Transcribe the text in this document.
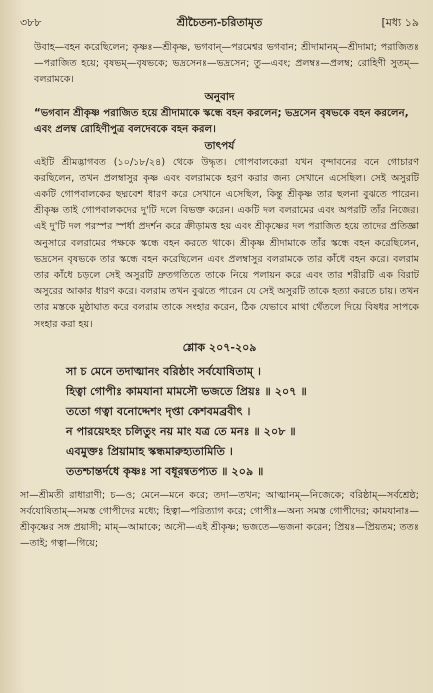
৩৮৮	শ্রীচৈতন্য-চরিতামৃত	[মধ্য ১৯

উবাহ—বহন করেছিলেন; কৃষ্ণঃ—শ্রীকৃষ্ণ, ভগবান্—পরমেশ্বর ভগবান; শ্রীদামানম্—শ্রীদামা; পরাজিতঃ—পরাজিত হয়ে; বৃষভম্—বৃষভকে; ভদ্রসেনঃ—ভদ্রসেন; তু—এবং; প্রলম্বঃ—প্রলম্ব; রোহিণী সুতম্—বলরামকে।

অনুবাদ

“ভগবান শ্রীকৃষ্ণ পরাজিত হয়ে শ্রীদামাকে স্কন্ধে বহন করলেন; ভদ্রসেন বৃষভকে বহন করলেন, এবং প্রলম্ব রোহিণীপুত্র বলদেবকে বহন করল।

তাৎপর্য

এইটি শ্রীমদ্ভাগবত (১০/১৮/২৪) থেকে উদ্ধৃত। গোপবালকেরা যখন বৃন্দাবনের বনে গোচারণ করছিলেন, তখন প্রলম্বাসুর কৃষ্ণ এবং বলরামকে হরণ করার জন্য সেখানে এসেছিল। সেই অসুরটি একটি গোপবালকের ছদ্মবেশ ধারণ করে সেখানে এসেছিল, কিন্তু শ্রীকৃষ্ণ তার ছলনা বুঝতে পারেন। শ্রীকৃষ্ণ তাই গোপবালকদের দু'টি দলে বিভক্ত করেন। একটি দল বলরামের এবং অপরটি তাঁর নিজের। এই দু'টি দল পরস্পর স্পর্ধা প্রদর্শন করে ক্রীড়ামত্ত হয় এবং শ্রীকৃষ্ণের দল পরাজিত হয়ে তাদের প্রতিজ্ঞা অনুসারে বলরামের পক্ষকে স্কন্ধে বহন করতে থাকে। শ্রীকৃষ্ণ শ্রীদামাকে তাঁর স্কন্ধে বহন করেছিলেন, ভদ্রসেন বৃষভকে তার স্কন্ধে বহন করেছিলেন এবং প্রলম্বাসুর বলরামকে তার কাঁধে বহন করে। বলরাম তার কাঁধে চড়লে সেই অসুরটি দ্রুতগতিতে তাকে নিয়ে পলায়ন করে এবং তার শরীরটি এক বিরাট অসুরের আকার ধারণ করে। বলরাম তখন বুঝতে পারেন যে সেই অসুরটি তাকে হত্যা করতে চায়। তখন তার মস্তকে মুষ্ঠাঘাত করে বলরাম তাকে সংহার করেন, ঠিক যেভাবে মাথা থেঁতলে দিয়ে বিষধর সাপকে সংহার করা হয়।

শ্লোক ২০৭-২০৯
সা চ মেনে তদাত্মানং বরিষ্ঠাং সর্বযোষিতাম্ ।
হিত্বা গোপীঃ কামযানা মামসৌ ভজতে প্রিয়ঃ ॥ ২০৭ ॥
ততো গত্বা বনোদ্দেশং দৃপ্তা কেশবমব্রবীৎ ।
ন পারয়েঽহং চলিতুং নয় মাং যত্র তে মনঃ ॥ ২০৮ ॥
এবমুক্তঃ প্রিয়ামাহ স্কন্ধমারুহ্যতামিতি ।
ততশ্চান্তর্দধে কৃষ্ণঃ সা বধূরন্বতপ্যত ॥ ২০৯ ॥

সা—শ্রীমতী রাধারাণী; চ—ও; মেনে—মনে করে; তদা—তখন; আত্মানম্—নিজেকে; বরিষ্ঠাম্—সর্বশ্রেষ্ঠ; সর্বযোষিতাম্—সমস্ত গোপীদের মধ্যে; হিত্বা—পরিত্যাগ করে; গোপীঃ—অন্য সমস্ত গোপীদের; কামযানাঃ—শ্রীকৃষ্ণের সঙ্গ প্রয়াসী; মাম্—আমাকে; অসৌ—এই শ্রীকৃষ্ণ; ভজতে—ভজনা করেন; প্রিয়ঃ—প্রিয়তম; ততঃ—তাই; গত্বা—গিয়ে;
